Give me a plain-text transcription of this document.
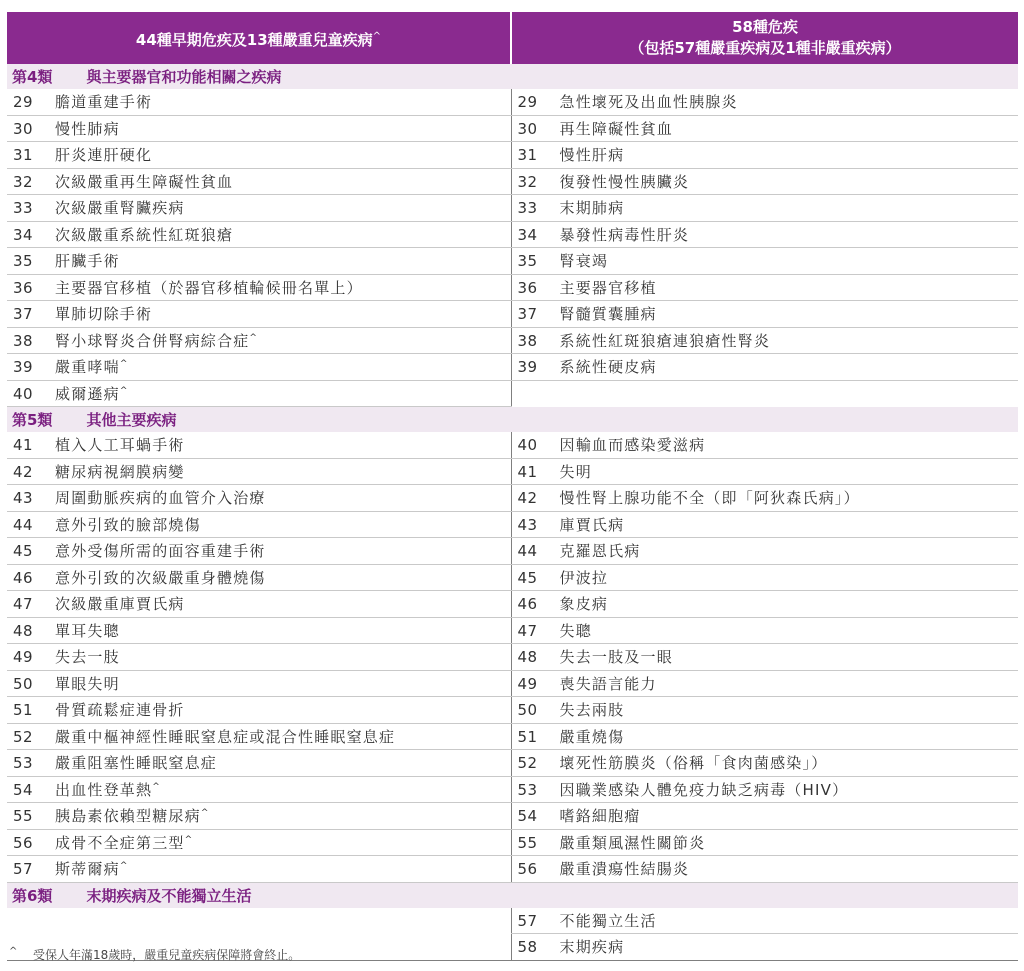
44種早期危疾及13種嚴重兒童疾病^	58種危疾
（包括57種嚴重疾病及1種非嚴重疾病）

第4類 與主要器官和功能相關之疾病	
29 膽道重建手術	29 急性壞死及出血性胰腺炎
30 慢性肺病	30 再生障礙性貧血
31 肝炎連肝硬化	31 慢性肝病
32 次級嚴重再生障礙性貧血	32 復發性慢性胰臟炎
33 次級嚴重腎臟疾病	33 末期肺病
34 次級嚴重系統性紅斑狼瘡	34 暴發性病毒性肝炎
35 肝臟手術	35 腎衰竭
36 主要器官移植（於器官移植輪候冊名單上）	36 主要器官移植
37 單肺切除手術	37 腎髓質囊腫病
38 腎小球腎炎合併腎病綜合症^	38 系統性紅斑狼瘡連狼瘡性腎炎
39 嚴重哮喘^	39 系統性硬皮病
40 威爾遜病^	
第5類 其他主要疾病	
41 植入人工耳蝸手術	40 因輸血而感染愛滋病
42 糖尿病視網膜病變	41 失明
43 周圍動脈疾病的血管介入治療	42 慢性腎上腺功能不全（即「阿狄森氏病」）
44 意外引致的臉部燒傷	43 庫賈氏病
45 意外受傷所需的面容重建手術	44 克羅恩氏病
46 意外引致的次級嚴重身體燒傷	45 伊波拉
47 次級嚴重庫賈氏病	46 象皮病
48 單耳失聰	47 失聰
49 失去一肢	48 失去一肢及一眼
50 單眼失明	49 喪失語言能力
51 骨質疏鬆症連骨折	50 失去兩肢
52 嚴重中樞神經性睡眠窒息症或混合性睡眠窒息症	51 嚴重燒傷
53 嚴重阻塞性睡眠窒息症	52 壞死性筋膜炎（俗稱「食肉菌感染」）
54 出血性登革熱^	53 因職業感染人體免疫力缺乏病毒（HIV）
55 胰島素依賴型糖尿病^	54 嗜鉻細胞瘤
56 成骨不全症第三型^	55 嚴重類風濕性關節炎
57 斯蒂爾病^	56 嚴重潰瘍性結腸炎
第6類 末期疾病及不能獨立生活	
	57 不能獨立生活
	58 末期疾病
^ 受保人年滿18歲時，嚴重兒童疾病保障將會終止。
